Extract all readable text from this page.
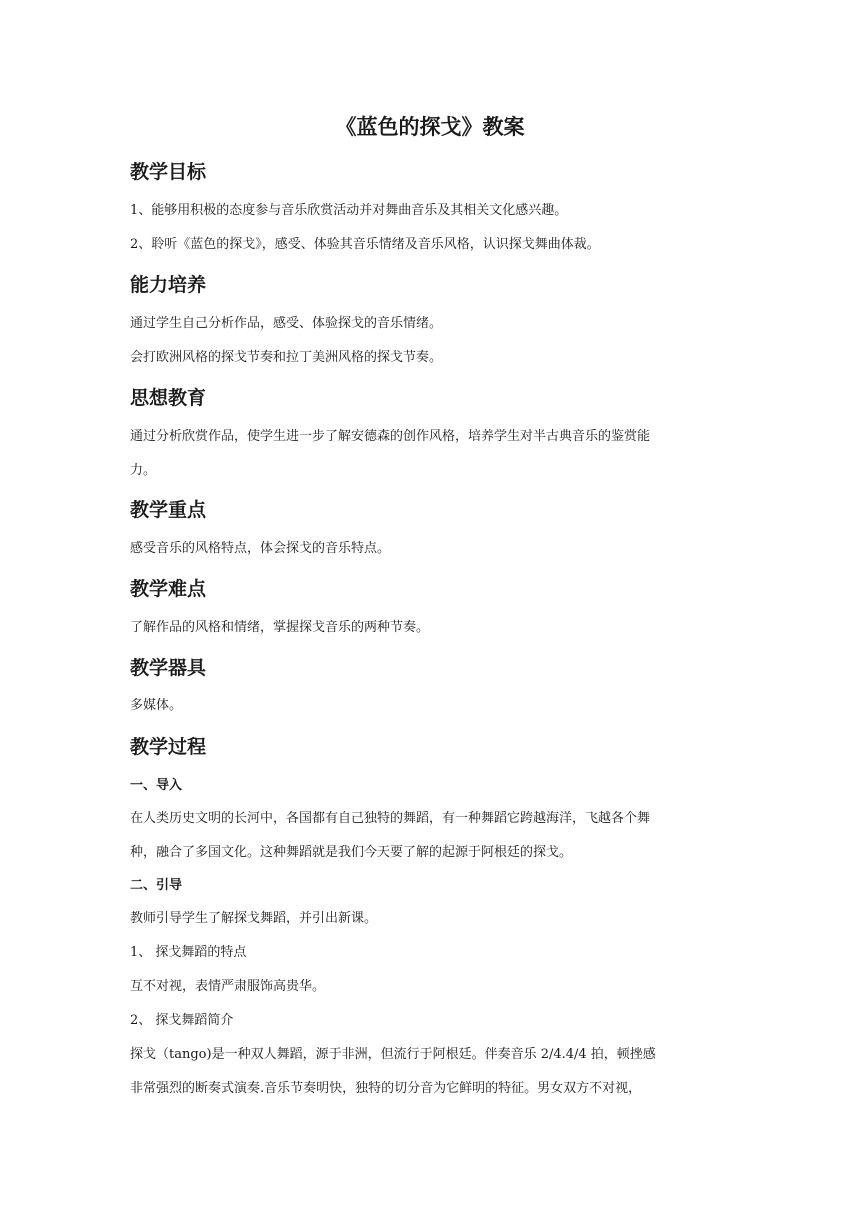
《蓝色的探戈》教案
教学目标
1、能够用积极的态度参与音乐欣赏活动并对舞曲音乐及其相关文化感兴趣。
2、聆听《蓝色的探戈》，感受、体验其音乐情绪及音乐风格，认识探戈舞曲体裁。
能力培养
通过学生自己分析作品，感受、体验探戈的音乐情绪。
会打欧洲风格的探戈节奏和拉丁美洲风格的探戈节奏。
思想教育
通过分析欣赏作品，使学生进一步了解安德森的创作风格，培养学生对半古典音乐的鉴赏能
力。
教学重点
感受音乐的风格特点，体会探戈的音乐特点。
教学难点
了解作品的风格和情绪，掌握探戈音乐的两种节奏。
教学器具
多媒体。
教学过程
一、导入
在人类历史文明的长河中，各国都有自己独特的舞蹈，有一种舞蹈它跨越海洋，飞越各个舞
种，融合了多国文化。这种舞蹈就是我们今天要了解的起源于阿根廷的探戈。
二、引导
教师引导学生了解探戈舞蹈，并引出新课。
1、 探戈舞蹈的特点
互不对视，表情严肃服饰高贵华。
2、 探戈舞蹈简介
探戈（tango)是一种双人舞蹈，源于非洲，但流行于阿根廷。伴奏音乐 2/4.4/4 拍，顿挫感
非常强烈的断奏式演奏.音乐节奏明快，独特的切分音为它鲜明的特征。男女双方不对视，
